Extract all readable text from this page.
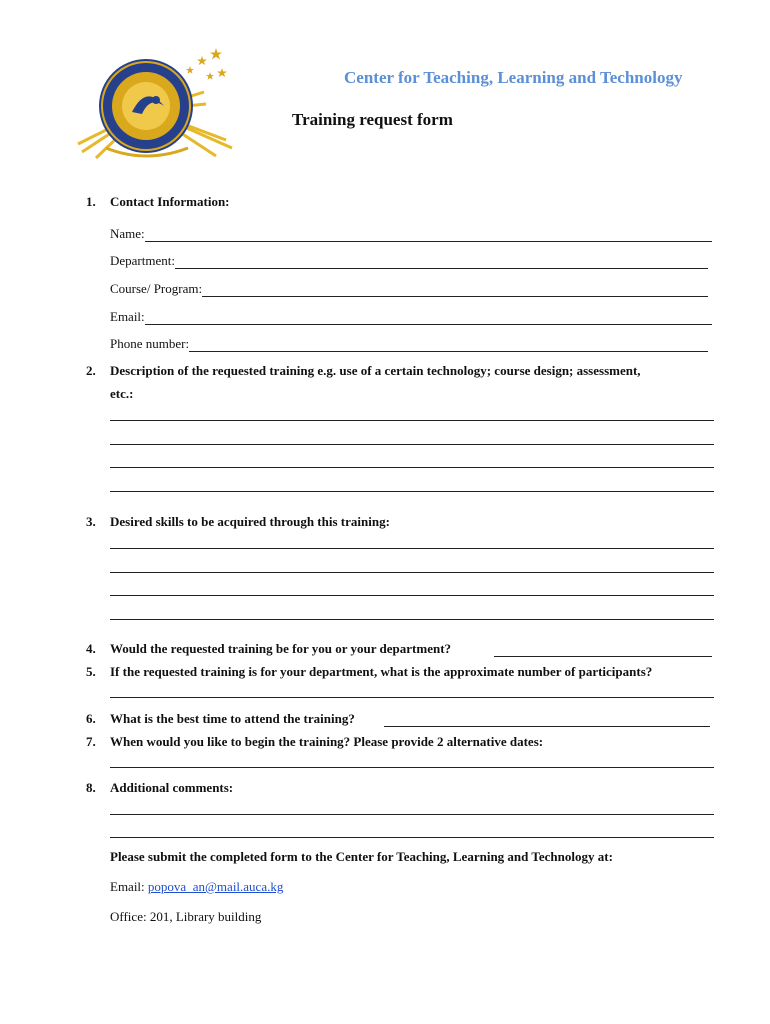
Center for Teaching, Learning and Technology
Training request form
1. Contact Information:
Name:
Department:
Course/ Program:
Email:
Phone number:
2. Description of the requested training e.g. use of a certain technology; course design; assessment,
etc.:
3. Desired skills to be acquired through this training:
4. Would the requested training be for you or your department?
5. If the requested training is for your department, what is the approximate number of participants?
6. What is the best time to attend the training?
7. When would you like to begin the training? Please provide 2 alternative dates:
8. Additional comments:
Please submit the completed form to the Center for Teaching, Learning and Technology at:
Email: popova_an@mail.auca.kg
Office: 201, Library building
